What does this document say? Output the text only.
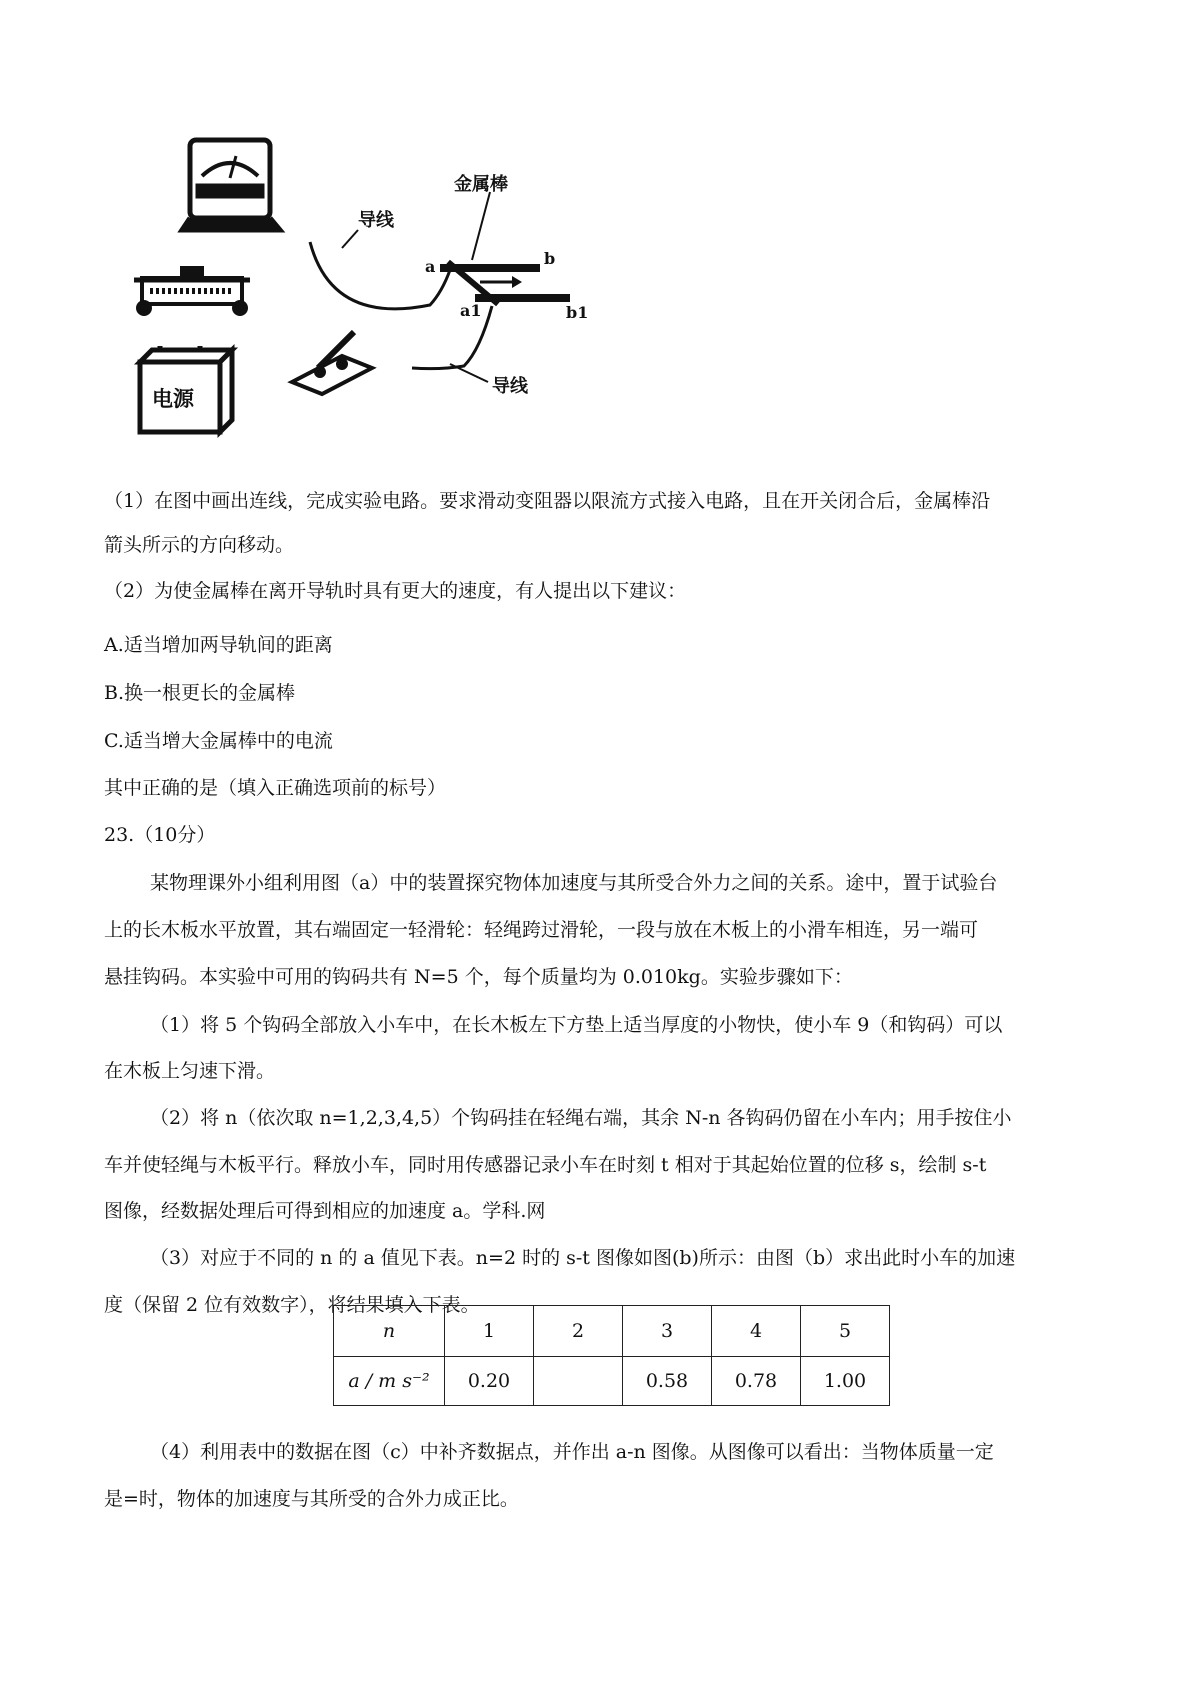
电源
导线
金属棒
a	b
a1	b1
导线
（1）在图中画出连线，完成实验电路。要求滑动变阻器以限流方式接入电路，且在开关闭合后，金属棒沿
箭头所示的方向移动。
（2）为使金属棒在离开导轨时具有更大的速度，有人提出以下建议：
A.适当增加两导轨间的距离
B.换一根更长的金属棒
C.适当增大金属棒中的电流
其中正确的是（填入正确选项前的标号）
23.（10分）
某物理课外小组利用图（a）中的装置探究物体加速度与其所受合外力之间的关系。途中，置于试验台
上的长木板水平放置，其右端固定一轻滑轮：轻绳跨过滑轮，一段与放在木板上的小滑车相连，另一端可
悬挂钩码。本实验中可用的钩码共有 N=5 个，每个质量均为 0.010kg。实验步骤如下：
（1）将 5 个钩码全部放入小车中，在长木板左下方垫上适当厚度的小物快，使小车 9（和钩码）可以
在木板上匀速下滑。
（2）将 n（依次取 n=1,2,3,4,5）个钩码挂在轻绳右端，其余 N-n 各钩码仍留在小车内；用手按住小
车并使轻绳与木板平行。释放小车，同时用传感器记录小车在时刻 t 相对于其起始位置的位移 s，绘制 s-t
图像，经数据处理后可得到相应的加速度 a。学科.网
（3）对应于不同的 n 的 a 值见下表。n=2 时的 s-t 图像如图(b)所示：由图（b）求出此时小车的加速
度（保留 2 位有效数字），将结果填入下表。
n	1	2	3	4	5
a / m s⁻²	0.20		0.58	0.78	1.00
（4）利用表中的数据在图（c）中补齐数据点，并作出 a-n 图像。从图像可以看出：当物体质量一定
是=时，物体的加速度与其所受的合外力成正比。
